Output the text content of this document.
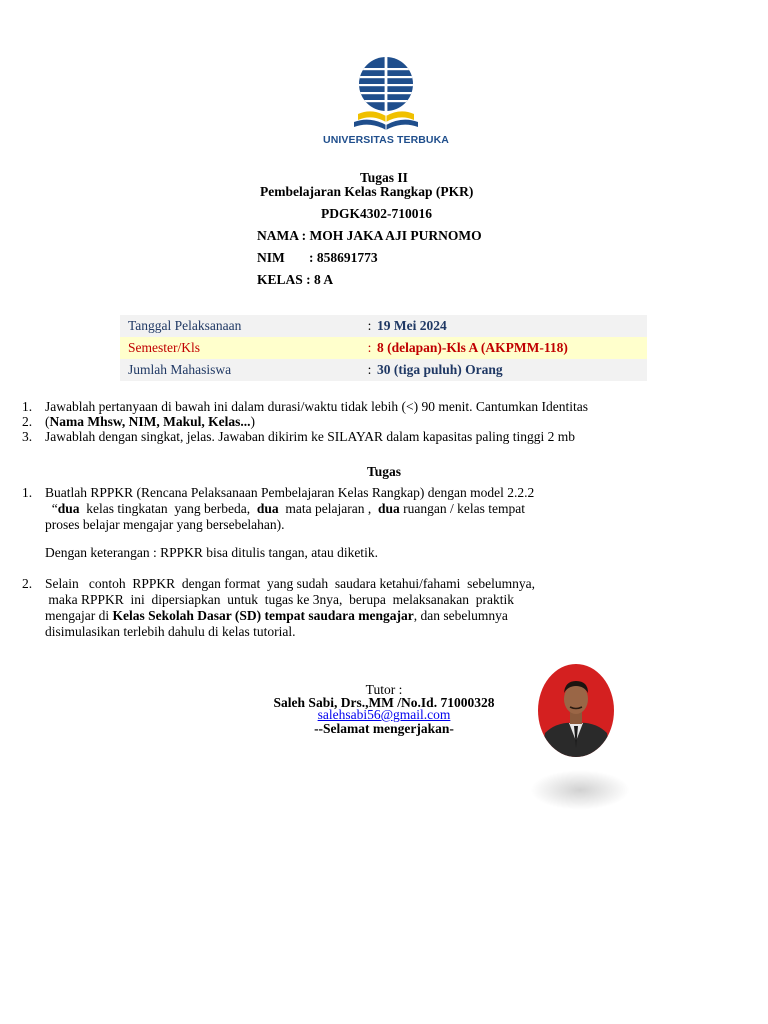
UNIVERSITAS TERBUKA
Tugas II
Pembelajaran Kelas Rangkap (PKR)
PDGK4302-710016
NAMA : MOH JAKA AJI PURNOMO
NIM : 858691773
KELAS : 8 A
Tanggal Pelaksanaan	:	19 Mei 2024
Semester/Kls	:	8 (delapan)-Kls A (AKPMM-118)
Jumlah Mahasiswa	:	30 (tiga puluh) Orang
1. Jawablah pertanyaan di bawah ini dalam durasi/waktu tidak lebih (<) 90 menit. Cantumkan Identitas
2. (Nama Mhsw, NIM, Makul, Kelas...)
3. Jawablah dengan singkat, jelas. Jawaban dikirim ke SILAYAR dalam kapasitas paling tinggi 2 mb
Tugas
1. Buatlah RPPKR (Rencana Pelaksanaan Pembelajaran Kelas Rangkap) dengan model 2.2.2
“dua  kelas tingkatan  yang berbeda,  dua  mata pelajaran ,  dua ruangan / kelas tempat
proses belajar mengajar yang bersebelahan).
Dengan keterangan : RPPKR bisa ditulis tangan, atau diketik.
2. Selain   contoh  RPPKR  dengan format  yang sudah  saudara ketahui/fahami  sebelumnya,
maka RPPKR  ini  dipersiapkan  untuk  tugas ke 3nya,  berupa  melaksanakan  praktik
mengajar di Kelas Sekolah Dasar (SD) tempat saudara mengajar, dan sebelumnya
disimulasikan terlebih dahulu di kelas tutorial.
Tutor :
Saleh Sabi, Drs.,MM /No.Id. 71000328
salehsabi56@gmail.com
--Selamat mengerjakan-
